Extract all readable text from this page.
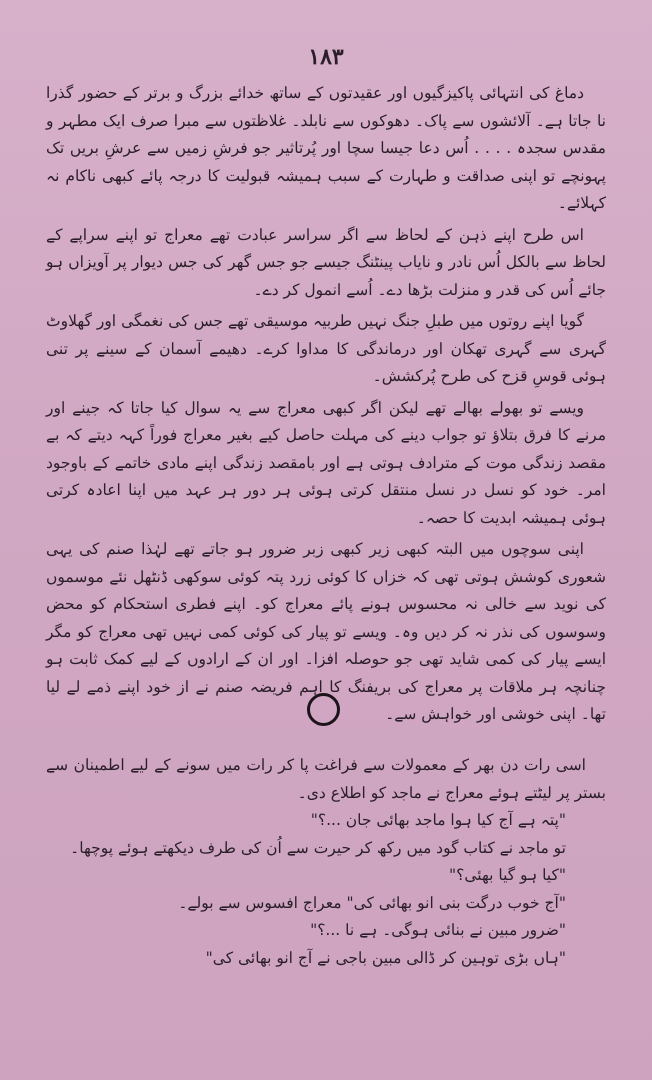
۱۸۳

دماغ کی انتہائی پاکیزگیوں اور عقیدتوں کے ساتھ خدائے بزرگ و برتر کے حضور گذرا نا جاتا ہے۔ آلائشوں سے پاک۔ دھوکوں سے نابلد۔ غلاظتوں سے مبرا صرف ایک مطہر و مقدس سجدہ . . . . اُس دعا جیسا سچا اور پُرتاثیر جو فرشِ زمیں سے عرشِ بریں تک پہونچے تو اپنی صداقت و طہارت کے سبب ہمیشہ قبولیت کا درجہ پائے کبھی ناکام نہ کہلائے۔

اس طرح اپنے ذہن کے لحاظ سے اگر سراسر عبادت تھے معراج تو اپنے سراپے کے لحاظ سے بالکل اُس نادر و نایاب پینٹنگ جیسے جو جس گھر کی جس دیوار پر آویزاں ہو جائے اُس کی قدر و منزلت بڑھا دے۔ اُسے انمول کر دے۔

گویا اپنے روتوں میں طبلِ جنگ نہیں طربیہ موسیقی تھے جس کی نغمگی اور گھلاوٹ گہری سے گہری تھکان اور درماندگی کا مداوا کرے۔ دھیمے آسمان کے سینے پر تنی ہوئی قوسِ قزح کی طرح پُرکشش۔

ویسے تو بھولے بھالے تھے لیکن اگر کبھی معراج سے یہ سوال کیا جاتا کہ جینے اور مرنے کا فرق بتلاؤ تو جواب دینے کی مہلت حاصل کیے بغیر معراج فوراً کہہ دیتے کہ بے مقصد زندگی موت کے مترادف ہوتی ہے اور بامقصد زندگی اپنے مادی خاتمے کے باوجود امر۔ خود کو نسل در نسل منتقل کرتی ہوئی ہر دور ہر عہد میں اپنا اعادہ کرتی ہوئی ہمیشہ ابدیت کا حصہ۔

اپنی سوچوں میں البتہ کبھی زیر کبھی زبر ضرور ہو جاتے تھے لہٰذا صنم کی یہی شعوری کوشش ہوتی تھی کہ خزاں کا کوئی زرد پتہ کوئی سوکھی ڈنٹھل نئے موسموں کی نوید سے خالی نہ محسوس ہونے پائے معراج کو۔ اپنے فطری استحکام کو محض وسوسوں کی نذر نہ کر دیں وہ۔ ویسے تو پیار کی کوئی کمی نہیں تھی معراج کو مگر ایسے پیار کی کمی شاید تھی جو حوصلہ افزا۔ اور ان کے ارادوں کے لیے کمک ثابت ہو چنانچہ ہر ملاقات پر معراج کی بریفنگ کا اہم فریضہ صنم نے از خود اپنے ذمے لے لیا تھا۔ اپنی خوشی اور خواہش سے۔

اسی رات دن بھر کے معمولات سے فراغت پا کر رات میں سونے کے لیے اطمینان سے بستر پر لیٹتے ہوئے معراج نے ماجد کو اطلاع دی۔

"پتہ ہے آج کیا ہوا ماجد بھائی جان ...؟"

تو ماجد نے کتاب گود میں رکھ کر حیرت سے اُن کی طرف دیکھتے ہوئے پوچھا۔

"کیا ہو گیا بھئی؟"

"آج خوب درگت بنی انو بھائی کی" معراج افسوس سے بولے۔

"ضرور مبین نے بنائی ہوگی۔ ہے نا ...؟"

"ہاں بڑی توہین کر ڈالی مبین باجی نے آج انو بھائی کی"
